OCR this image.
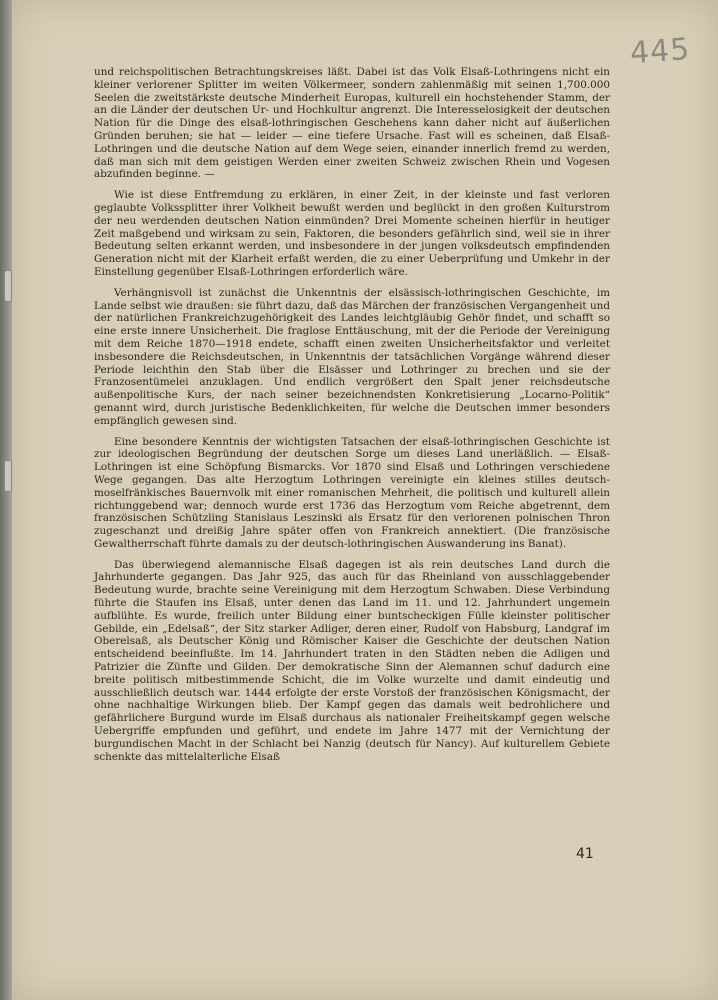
445

und reichspolitischen Betrachtungskreises läßt. Dabei ist das Volk Elsaß-Lothringens nicht ein kleiner verlorener Splitter im weiten Völkermeer, sondern zahlenmäßig mit seinen 1,700.000 Seelen die zweitstärkste deutsche Minderheit Europas, kulturell ein hochstehender Stamm, der an die Länder der deutschen Ur- und Hochkultur angrenzt. Die Interesselosigkeit der deutschen Nation für die Dinge des elsaß-lothringischen Geschehens kann daher nicht auf äußerlichen Gründen beruhen; sie hat — leider — eine tiefere Ursache. Fast will es scheinen, daß Elsaß-Lothringen und die deutsche Nation auf dem Wege seien, einander innerlich fremd zu werden, daß man sich mit dem geistigen Werden einer zweiten Schweiz zwischen Rhein und Vogesen abzufinden beginne. —

Wie ist diese Entfremdung zu erklären, in einer Zeit, in der kleinste und fast verloren geglaubte Volkssplitter ihrer Volkheit bewußt werden und beglückt in den großen Kulturstrom der neu werdenden deutschen Nation einmünden? Drei Momente scheinen hierfür in heutiger Zeit maßgebend und wirksam zu sein, Faktoren, die besonders gefährlich sind, weil sie in ihrer Bedeutung selten erkannt werden, und insbesondere in der jungen volksdeutsch empfindenden Generation nicht mit der Klarheit erfaßt werden, die zu einer Ueberprüfung und Umkehr in der Einstellung gegenüber Elsaß-Lothringen erforderlich wäre.

Verhängnisvoll ist zunächst die Unkenntnis der elsässisch-lothringischen Geschichte, im Lande selbst wie draußen: sie führt dazu, daß das Märchen der französischen Vergangenheit und der natürlichen Frankreichzugehörigkeit des Landes leichtgläubig Gehör findet, und schafft so eine erste innere Unsicherheit. Die fraglose Enttäuschung, mit der die Periode der Vereinigung mit dem Reiche 1870—1918 endete, schafft einen zweiten Unsicherheitsfaktor und verleitet insbesondere die Reichsdeutschen, in Unkenntnis der tatsächlichen Vorgänge während dieser Periode leichthin den Stab über die Elsässer und Lothringer zu brechen und sie der Franzosentümelei anzuklagen. Und endlich vergrößert den Spalt jener reichsdeutsche außenpolitische Kurs, der nach seiner bezeichnendsten Konkretisierung „Locarno-Politik“ genannt wird, durch juristische Bedenklichkeiten, für welche die Deutschen immer besonders empfänglich gewesen sind.

Eine besondere Kenntnis der wichtigsten Tatsachen der elsaß-lothringischen Geschichte ist zur ideologischen Begründung der deutschen Sorge um dieses Land unerläßlich. — Elsaß-Lothringen ist eine Schöpfung Bismarcks. Vor 1870 sind Elsaß und Lothringen verschiedene Wege gegangen. Das alte Herzogtum Lothringen vereinigte ein kleines stilles deutsch-moselfränkisches Bauernvolk mit einer romanischen Mehrheit, die politisch und kulturell allein richtunggebend war; dennoch wurde erst 1736 das Herzogtum vom Reiche abgetrennt, dem französischen Schützling Stanislaus Leszinski als Ersatz für den verlorenen polnischen Thron zugeschanzt und dreißig Jahre später offen von Frankreich annektiert. (Die französische Gewaltherrschaft führte damals zu der deutsch-lothringischen Auswanderung ins Banat).

Das überwiegend alemannische Elsaß dagegen ist als rein deutsches Land durch die Jahrhunderte gegangen. Das Jahr 925, das auch für das Rheinland von ausschlaggebender Bedeutung wurde, brachte seine Vereinigung mit dem Herzogtum Schwaben. Diese Verbindung führte die Staufen ins Elsaß, unter denen das Land im 11. und 12. Jahrhundert ungemein aufblühte. Es wurde, freilich unter Bildung einer buntscheckigen Fülle kleinster politischer Gebilde, ein „Edelsaß“, der Sitz starker Adliger, deren einer, Rudolf von Habsburg, Landgraf im Oberelsaß, als Deutscher König und Römischer Kaiser die Geschichte der deutschen Nation entscheidend beeinflußte. Im 14. Jahrhundert traten in den Städten neben die Adligen und Patrizier die Zünfte und Gilden. Der demokratische Sinn der Alemannen schuf dadurch eine breite politisch mitbestimmende Schicht, die im Volke wurzelte und damit eindeutig und ausschließlich deutsch war. 1444 erfolgte der erste Vorstoß der französischen Königsmacht, der ohne nachhaltige Wirkungen blieb. Der Kampf gegen das damals weit bedrohlichere und gefährlichere Burgund wurde im Elsaß durchaus als nationaler Freiheitskampf gegen welsche Uebergriffe empfunden und geführt, und endete im Jahre 1477 mit der Vernichtung der burgundischen Macht in der Schlacht bei Nanzig (deutsch für Nancy). Auf kulturellem Gebiete schenkte das mittelalterliche Elsaß

41
